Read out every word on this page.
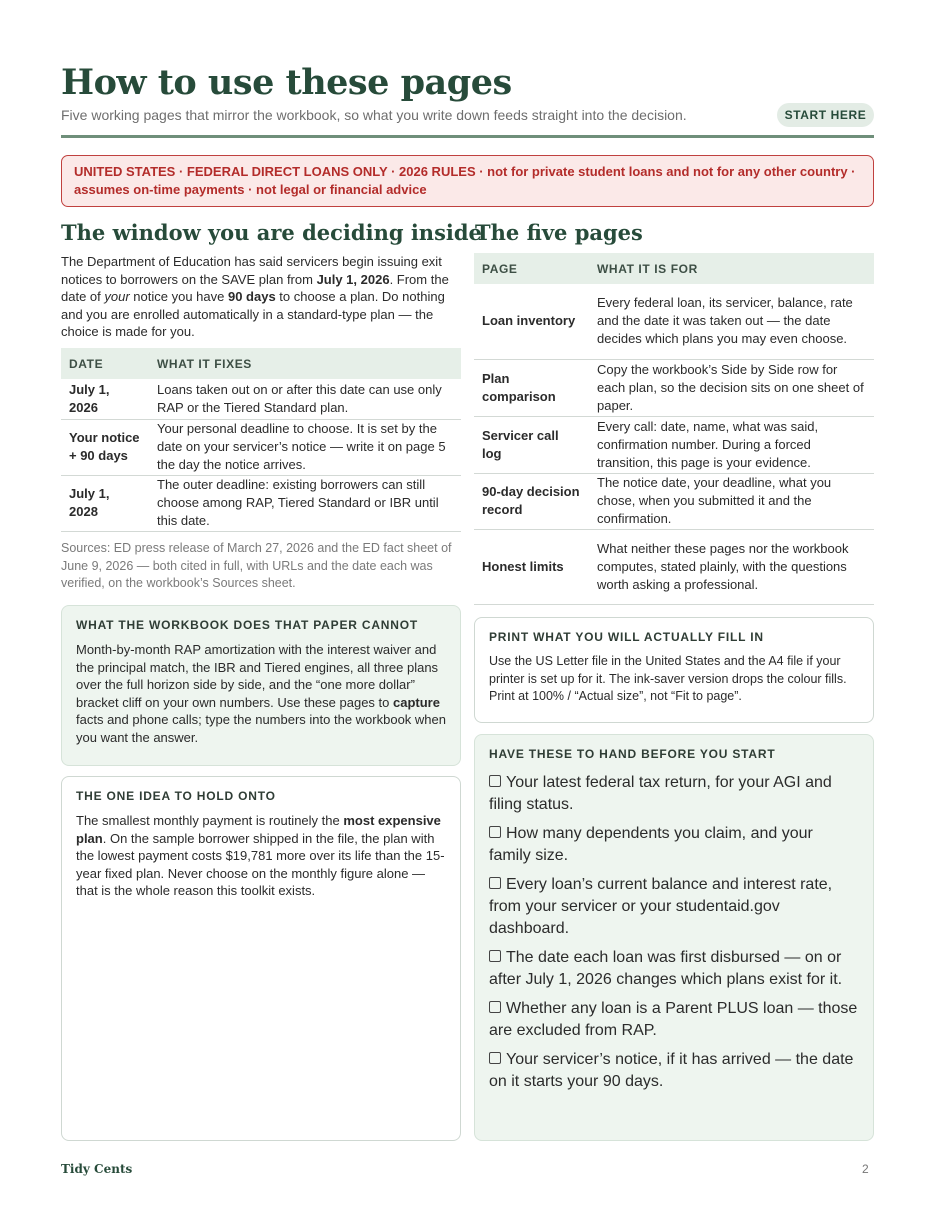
How to use these pages
Five working pages that mirror the workbook, so what you write down feeds straight into the decision.	START HERE
UNITED STATES · FEDERAL DIRECT LOANS ONLY · 2026 RULES · not for private student loans and not for any other country · assumes on-time payments · not legal or financial advice
The window you are deciding inside
The Department of Education has said servicers begin issuing exit notices to borrowers on the SAVE plan from July 1, 2026. From the date of your notice you have 90 days to choose a plan. Do nothing and you are enrolled automatically in a standard-type plan — the choice is made for you.
DATE	WHAT IT FIXES
July 1, 2026	Loans taken out on or after this date can use only RAP or the Tiered Standard plan.
Your notice + 90 days	Your personal deadline to choose. It is set by the date on your servicer’s notice — write it on page 5 the day the notice arrives.
July 1, 2028	The outer deadline: existing borrowers can still choose among RAP, Tiered Standard or IBR until this date.
Sources: ED press release of March 27, 2026 and the ED fact sheet of June 9, 2026 — both cited in full, with URLs and the date each was verified, on the workbook’s Sources sheet.
WHAT THE WORKBOOK DOES THAT PAPER CANNOT
Month-by-month RAP amortization with the interest waiver and the principal match, the IBR and Tiered engines, all three plans over the full horizon side by side, and the “one more dollar” bracket cliff on your own numbers. Use these pages to capture facts and phone calls; type the numbers into the workbook when you want the answer.
THE ONE IDEA TO HOLD ONTO
The smallest monthly payment is routinely the most expensive plan. On the sample borrower shipped in the file, the plan with the lowest payment costs $19,781 more over its life than the 15-year fixed plan. Never choose on the monthly figure alone — that is the whole reason this toolkit exists.
The five pages
PAGE	WHAT IT IS FOR
Loan inventory	Every federal loan, its servicer, balance, rate and the date it was taken out — the date decides which plans you may even choose.
Plan comparison	Copy the workbook’s Side by Side row for each plan, so the decision sits on one sheet of paper.
Servicer call log	Every call: date, name, what was said, confirmation number. During a forced transition, this page is your evidence.
90-day decision record	The notice date, your deadline, what you chose, when you submitted it and the confirmation.
Honest limits	What neither these pages nor the workbook computes, stated plainly, with the questions worth asking a professional.
PRINT WHAT YOU WILL ACTUALLY FILL IN
Use the US Letter file in the United States and the A4 file if your printer is set up for it. The ink-saver version drops the colour fills. Print at 100% / “Actual size”, not “Fit to page”.
HAVE THESE TO HAND BEFORE YOU START
Your latest federal tax return, for your AGI and filing status.
How many dependents you claim, and your family size.
Every loan’s current balance and interest rate, from your servicer or your studentaid.gov dashboard.
The date each loan was first disbursed — on or after July 1, 2026 changes which plans exist for it.
Whether any loan is a Parent PLUS loan — those are excluded from RAP.
Your servicer’s notice, if it has arrived — the date on it starts your 90 days.
Tidy Cents	2
